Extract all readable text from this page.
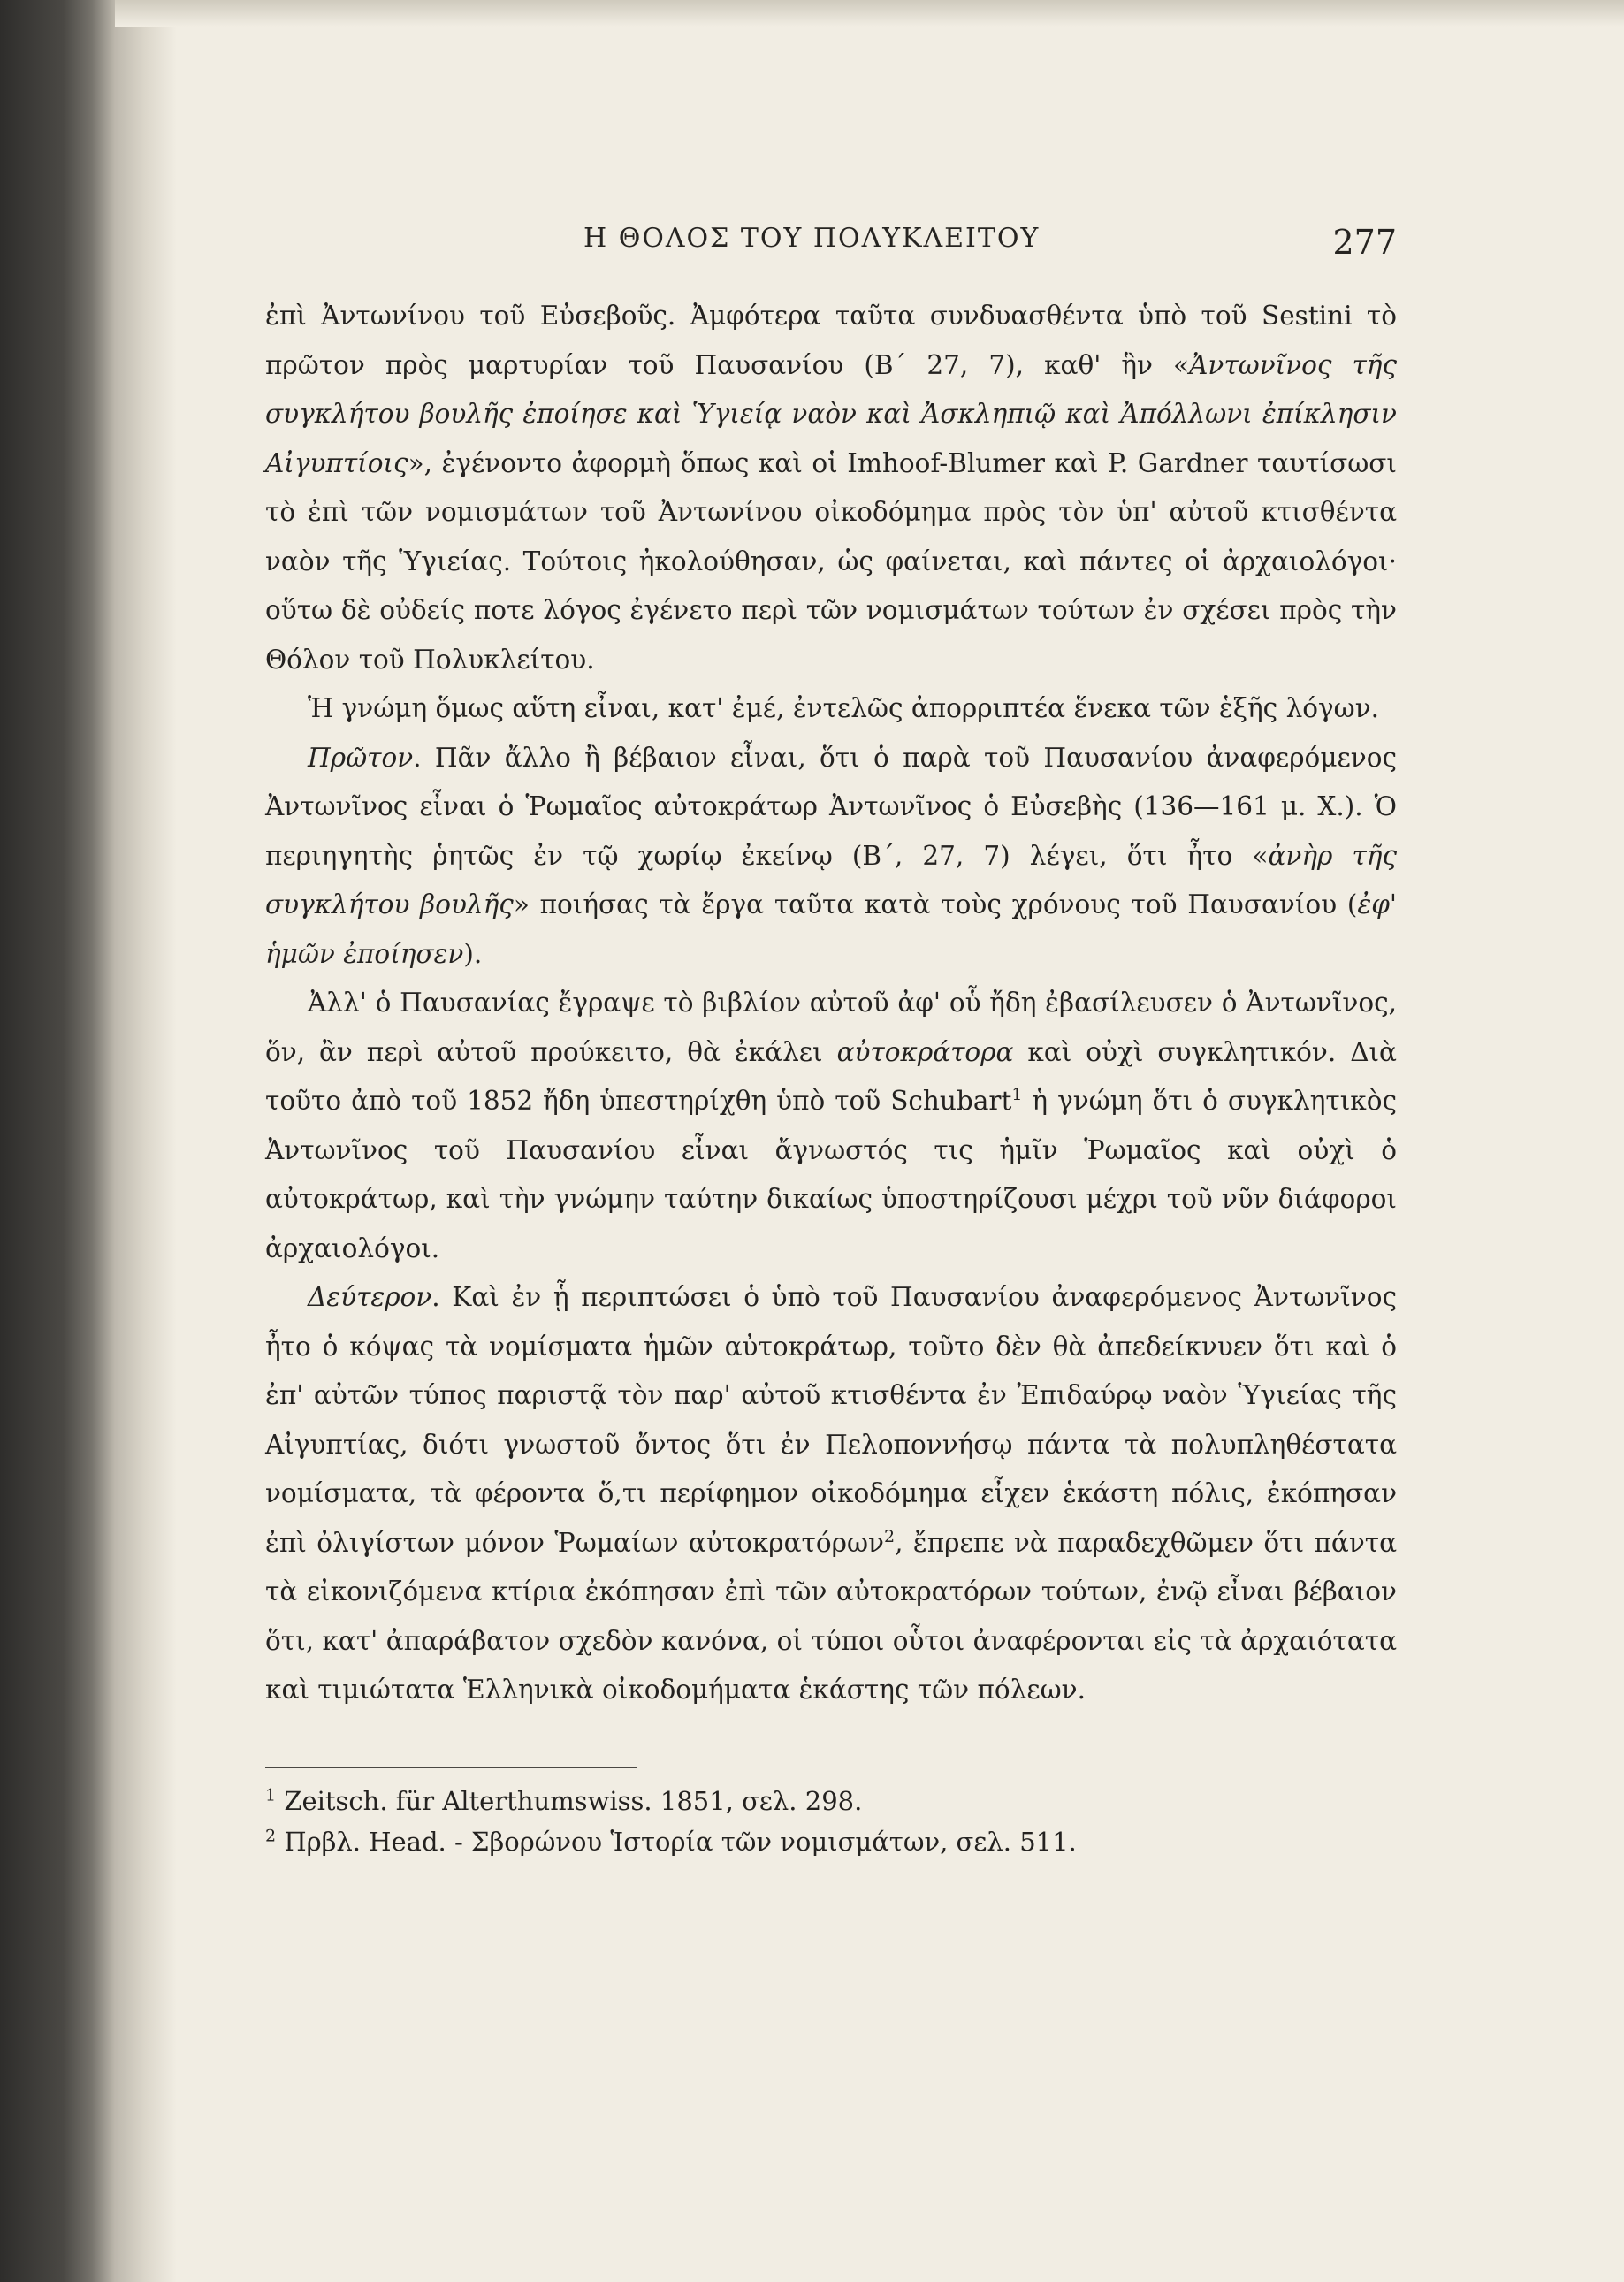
Η ΘΟΛΟΣ ΤΟΥ ΠΟΛΥΚΛΕΙΤΟΥ	277

ἐπὶ Ἀντωνίνου τοῦ Εὐσεβοῦς. Ἀμφότερα ταῦτα συνδυασθέντα ὑπὸ τοῦ Sestini τὸ πρῶτον πρὸς μαρτυρίαν τοῦ Παυσανίου (Β΄ 27, 7), καθ' ἣν «Ἀντωνῖνος τῆς συγκλήτου βουλῆς ἐποίησε καὶ Ὑγιείᾳ ναὸν καὶ Ἀσκληπιῷ καὶ Ἀπόλλωνι ἐπίκλησιν Αἰγυπτίοις», ἐγένοντο ἀφορμὴ ὅπως καὶ οἱ Imhoof-Blumer καὶ P. Gardner ταυτίσωσι τὸ ἐπὶ τῶν νομισμάτων τοῦ Ἀντωνίνου οἰκοδόμημα πρὸς τὸν ὑπ' αὐτοῦ κτισθέντα ναὸν τῆς Ὑγιείας. Τούτοις ἠκολούθησαν, ὡς φαίνεται, καὶ πάντες οἱ ἀρχαιολόγοι· οὕτω δὲ οὐδείς ποτε λόγος ἐγένετο περὶ τῶν νομισμάτων τούτων ἐν σχέσει πρὸς τὴν Θόλον τοῦ Πολυκλείτου.

Ἡ γνώμη ὅμως αὕτη εἶναι, κατ' ἐμέ, ἐντελῶς ἀπορριπτέα ἕνεκα τῶν ἑξῆς λόγων.

Πρῶτον. Πᾶν ἄλλο ἢ βέβαιον εἶναι, ὅτι ὁ παρὰ τοῦ Παυσανίου ἀναφερόμενος Ἀντωνῖνος εἶναι ὁ Ῥωμαῖος αὐτοκράτωρ Ἀντωνῖνος ὁ Εὐσεβὴς (136—161 μ. Χ.). Ὁ περιηγητὴς ῥητῶς ἐν τῷ χωρίῳ ἐκείνῳ (Β΄, 27, 7) λέγει, ὅτι ἦτο «ἀνὴρ τῆς συγκλήτου βουλῆς» ποιήσας τὰ ἔργα ταῦτα κατὰ τοὺς χρόνους τοῦ Παυσανίου (ἐφ' ἡμῶν ἐποίησεν).

Ἀλλ' ὁ Παυσανίας ἔγραψε τὸ βιβλίον αὐτοῦ ἀφ' οὗ ἤδη ἐβασίλευσεν ὁ Ἀντωνῖνος, ὅν, ἂν περὶ αὐτοῦ προύκειτο, θὰ ἐκάλει αὐτοκράτορα καὶ οὐχὶ συγκλητικόν. Διὰ τοῦτο ἀπὸ τοῦ 1852 ἤδη ὑπεστηρίχθη ὑπὸ τοῦ Schubart$^1$ ἡ γνώμη ὅτι ὁ συγκλητικὸς Ἀντωνῖνος τοῦ Παυσανίου εἶναι ἄγνωστός τις ἡμῖν Ῥωμαῖος καὶ οὐχὶ ὁ αὐτοκράτωρ, καὶ τὴν γνώμην ταύτην δικαίως ὑποστηρίζουσι μέχρι τοῦ νῦν διάφοροι ἀρχαιολόγοι.

Δεύτερον. Καὶ ἐν ᾗ περιπτώσει ὁ ὑπὸ τοῦ Παυσανίου ἀναφερόμενος Ἀντωνῖνος ἦτο ὁ κόψας τὰ νομίσματα ἡμῶν αὐτοκράτωρ, τοῦτο δὲν θὰ ἀπεδείκνυεν ὅτι καὶ ὁ ἐπ' αὐτῶν τύπος παριστᾷ τὸν παρ' αὐτοῦ κτισθέντα ἐν Ἐπιδαύρῳ ναὸν Ὑγιείας τῆς Αἰγυπτίας, διότι γνωστοῦ ὄντος ὅτι ἐν Πελοποννήσῳ πάντα τὰ πολυπληθέστατα νομίσματα, τὰ φέροντα ὅ,τι περίφημον οἰκοδόμημα εἶχεν ἑκάστη πόλις, ἐκόπησαν ἐπὶ ὀλιγίστων μόνον Ῥωμαίων αὐτοκρατόρων$^2$, ἔπρεπε νὰ παραδεχθῶμεν ὅτι πάντα τὰ εἰκονιζόμενα κτίρια ἐκόπησαν ἐπὶ τῶν αὐτοκρατόρων τούτων, ἐνῷ εἶναι βέβαιον ὅτι, κατ' ἀπαράβατον σχεδὸν κανόνα, οἱ τύποι οὗτοι ἀναφέρονται εἰς τὰ ἀρχαιότατα καὶ τιμιώτατα Ἑλληνικὰ οἰκοδομήματα ἑκάστης τῶν πόλεων.

$^1$ Zeitsch. für Alterthumswiss. 1851, σελ. 298.

$^2$ Πρβλ. Head. - Σβορώνου Ἱστορία τῶν νομισμάτων, σελ. 511.
